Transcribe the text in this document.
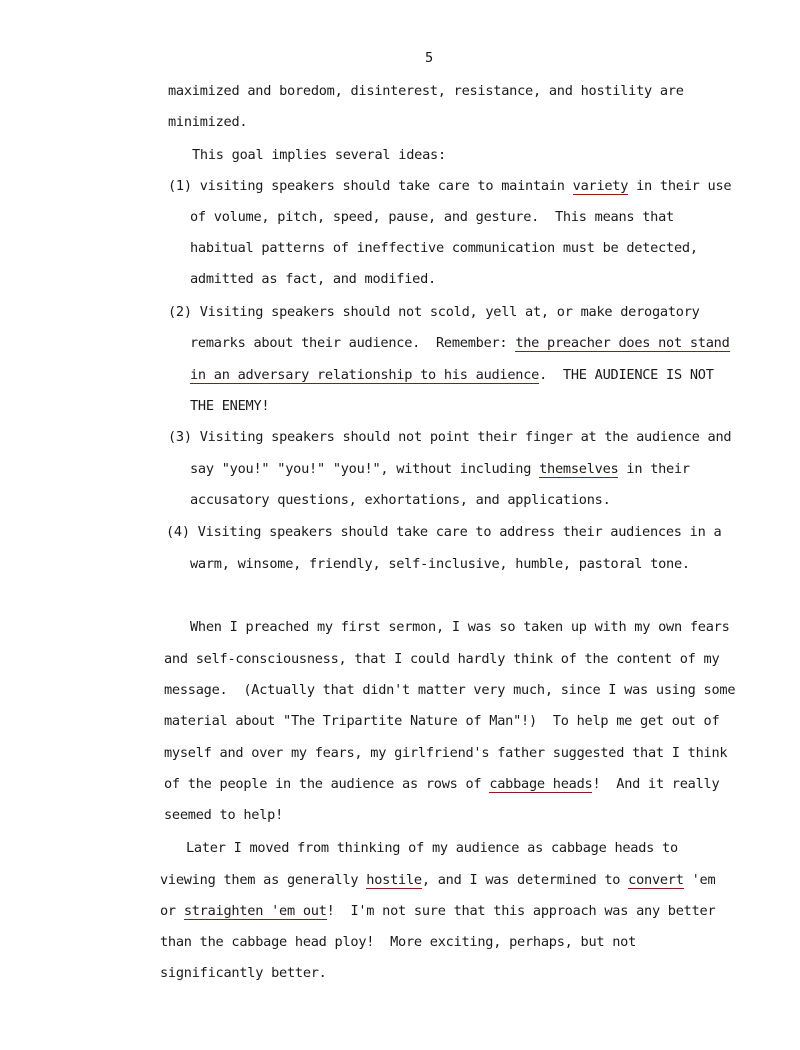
5
maximized and boredom, disinterest, resistance, and hostility are
minimized.
This goal implies several ideas:
(1) visiting speakers should take care to maintain variety in their use
of volume, pitch, speed, pause, and gesture.  This means that
habitual patterns of ineffective communication must be detected,
admitted as fact, and modified.
(2) Visiting speakers should not scold, yell at, or make derogatory
remarks about their audience.  Remember: the preacher does not stand
in an adversary relationship to his audience.  THE AUDIENCE IS NOT
THE ENEMY!
(3) Visiting speakers should not point their finger at the audience and
say "you!" "you!" "you!", without including themselves in their
accusatory questions, exhortations, and applications.
(4) Visiting speakers should take care to address their audiences in a
warm, winsome, friendly, self-inclusive, humble, pastoral tone.
When I preached my first sermon, I was so taken up with my own fears
and self-consciousness, that I could hardly think of the content of my
message.  (Actually that didn't matter very much, since I was using some
material about "The Tripartite Nature of Man"!)  To help me get out of
myself and over my fears, my girlfriend's father suggested that I think
of the people in the audience as rows of cabbage heads!  And it really
seemed to help!
Later I moved from thinking of my audience as cabbage heads to
viewing them as generally hostile, and I was determined to convert 'em
or straighten 'em out!  I'm not sure that this approach was any better
than the cabbage head ploy!  More exciting, perhaps, but not
significantly better.
